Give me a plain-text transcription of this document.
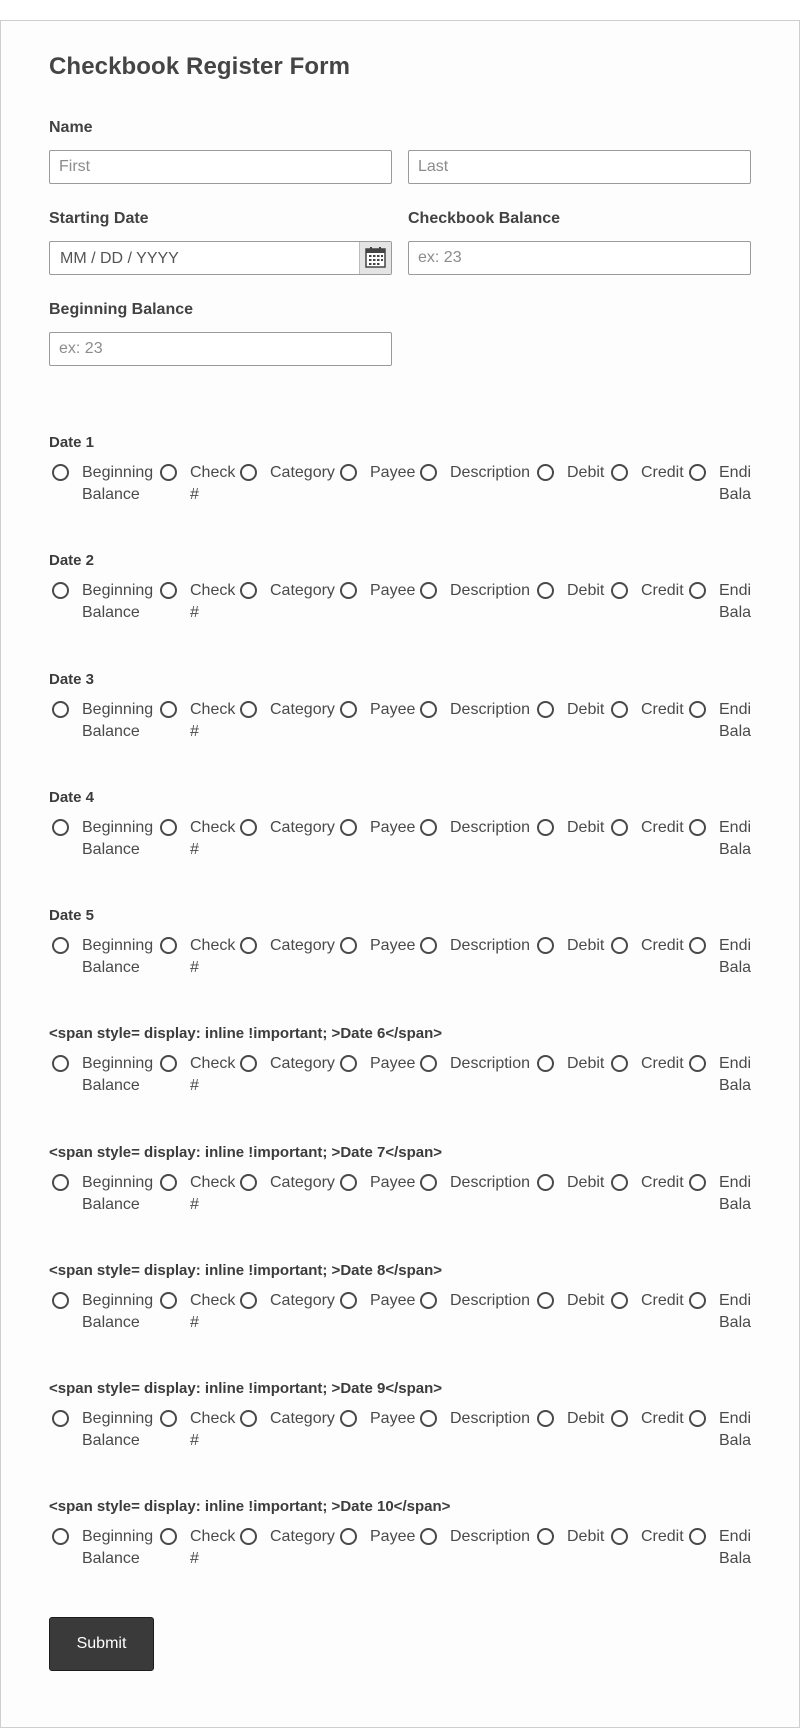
Checkbook Register Form
Name
First
Last
Starting Date
MM / DD / YYYY
Checkbook Balance
ex: 23
Beginning Balance
ex: 23
Date 1
Beginning
Balance
Check
#
Category Payee Description Debit Credit Endi
Bala
Date 2
Beginning
Balance
Check
#
Category Payee Description Debit Credit Endi
Bala
Date 3
Beginning
Balance
Check
#
Category Payee Description Debit Credit Endi
Bala
Date 4
Beginning
Balance
Check
#
Category Payee Description Debit Credit Endi
Bala
Date 5
Beginning
Balance
Check
#
Category Payee Description Debit Credit Endi
Bala
<span style= display: inline !important; >Date 6</span>
Beginning
Balance
Check
#
Category Payee Description Debit Credit Endi
Bala
<span style= display: inline !important; >Date 7</span>
Beginning
Balance
Check
#
Category Payee Description Debit Credit Endi
Bala
<span style= display: inline !important; >Date 8</span>
Beginning
Balance
Check
#
Category Payee Description Debit Credit Endi
Bala
<span style= display: inline !important; >Date 9</span>
Beginning
Balance
Check
#
Category Payee Description Debit Credit Endi
Bala
<span style= display: inline !important; >Date 10</span>
Beginning
Balance
Check
#
Category Payee Description Debit Credit Endi
Bala
Submit
